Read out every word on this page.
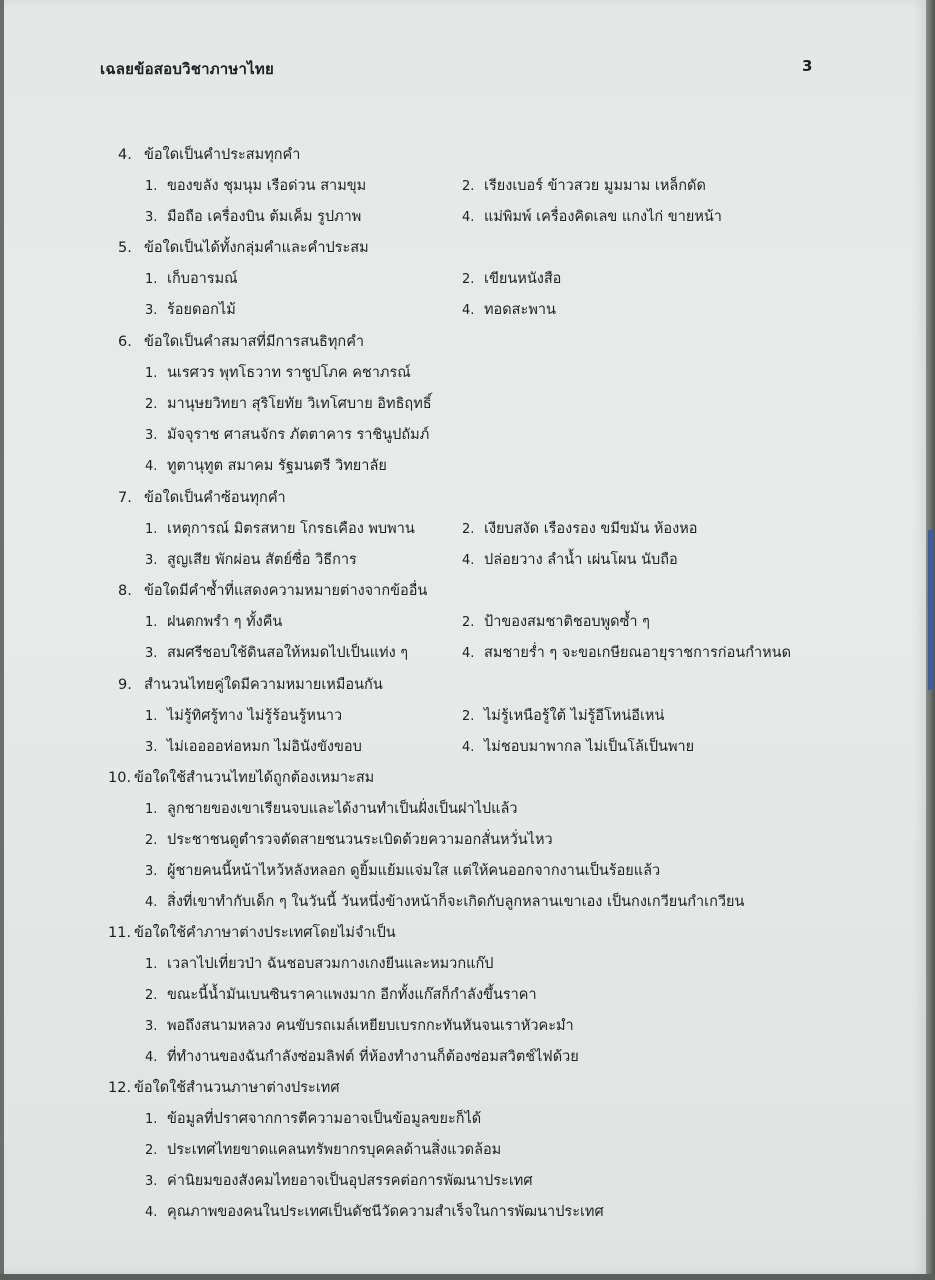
เฉลยข้อสอบวิชาภาษาไทย	3
4. ข้อใดเป็นคำประสมทุกคำ
1. ของขลัง ชุมนุม เรือด่วน สามขุม	2. เรียงเบอร์ ข้าวสวย มูมมาม เหล็กดัด
3. มือถือ เครื่องบิน ต้มเค็ม รูปภาพ	4. แม่พิมพ์ เครื่องคิดเลข แกงไก่ ขายหน้า
5. ข้อใดเป็นได้ทั้งกลุ่มคำและคำประสม
1. เก็บอารมณ์	2. เขียนหนังสือ
3. ร้อยดอกไม้	4. ทอดสะพาน
6. ข้อใดเป็นคำสมาสที่มีการสนธิทุกคำ
1. นเรศวร พุทโธวาท ราชูปโภค คชาภรณ์
2. มานุษยวิทยา สุริโยทัย วิเทโศบาย อิทธิฤทธิ์
3. มัจจุราช ศาสนจักร ภัตตาคาร ราชินูปถัมภ์
4. ทูตานุทูต สมาคม รัฐมนตรี วิทยาลัย
7. ข้อใดเป็นคำซ้อนทุกคำ
1. เหตุการณ์ มิตรสหาย โกรธเคือง พบพาน	2. เงียบสงัด เรืองรอง ขมีขมัน ห้องหอ
3. สูญเสีย พักผ่อน สัตย์ซื่อ วิธีการ	4. ปล่อยวาง ลำน้ำ เผ่นโผน นับถือ
8. ข้อใดมีคำซ้ำที่แสดงความหมายต่างจากข้ออื่น
1. ฝนตกพรำ ๆ ทั้งคืน	2. ป้าของสมชาติชอบพูดซ้ำ ๆ
3. สมศรีชอบใช้ดินสอให้หมดไปเป็นแท่ง ๆ	4. สมชายร่ำ ๆ จะขอเกษียณอายุราชการก่อนกำหนด
9. สำนวนไทยคู่ใดมีความหมายเหมือนกัน
1. ไม่รู้ทิศรู้ทาง ไม่รู้ร้อนรู้หนาว	2. ไม่รู้เหนือรู้ใต้ ไม่รู้อีโหน่อีเหน่
3. ไม่เออออห่อหมก ไม่อินังขังขอบ	4. ไม่ชอบมาพากล ไม่เป็นโล้เป็นพาย
10. ข้อใดใช้สำนวนไทยได้ถูกต้องเหมาะสม
1. ลูกชายของเขาเรียนจบและได้งานทำเป็นฝั่งเป็นฝาไปแล้ว
2. ประชาชนดูตำรวจตัดสายชนวนระเบิดด้วยความอกสั่นหวั่นไหว
3. ผู้ชายคนนี้หน้าไหว้หลังหลอก ดูยิ้มแย้มแจ่มใส แต่ให้คนออกจากงานเป็นร้อยแล้ว
4. สิ่งที่เขาทำกับเด็ก ๆ ในวันนี้ วันหนึ่งข้างหน้าก็จะเกิดกับลูกหลานเขาเอง เป็นกงเกวียนกำเกวียน
11. ข้อใดใช้คำภาษาต่างประเทศโดยไม่จำเป็น
1. เวลาไปเที่ยวป่า ฉันชอบสวมกางเกงยีนและหมวกแก๊ป
2. ขณะนี้น้ำมันเบนซินราคาแพงมาก อีกทั้งแก๊สก็กำลังขึ้นราคา
3. พอถึงสนามหลวง คนขับรถเมล์เหยียบเบรกกะทันหันจนเราหัวคะมำ
4. ที่ทำงานของฉันกำลังซ่อมลิฟต์ ที่ห้องทำงานก็ต้องซ่อมสวิตช์ไฟด้วย
12. ข้อใดใช้สำนวนภาษาต่างประเทศ
1. ข้อมูลที่ปราศจากการตีความอาจเป็นข้อมูลขยะก็ได้
2. ประเทศไทยขาดแคลนทรัพยากรบุคคลด้านสิ่งแวดล้อม
3. ค่านิยมของสังคมไทยอาจเป็นอุปสรรคต่อการพัฒนาประเทศ
4. คุณภาพของคนในประเทศเป็นดัชนีวัดความสำเร็จในการพัฒนาประเทศ
